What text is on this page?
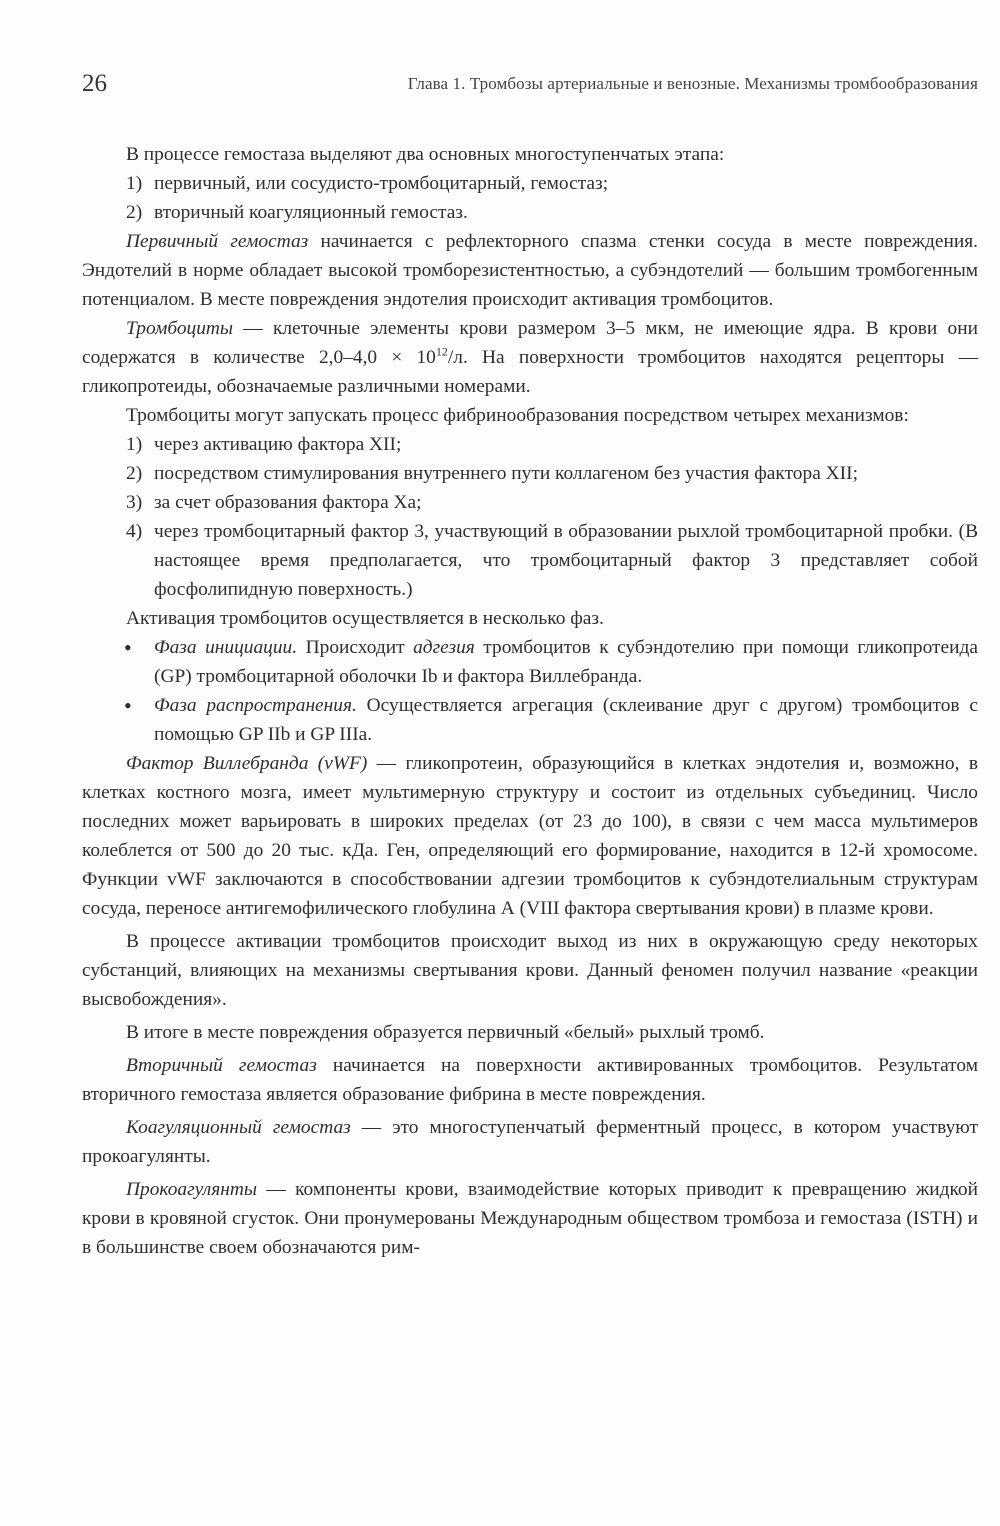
26	Глава 1. Тромбозы артериальные и венозные. Механизмы тромбообразования

В процессе гемостаза выделяют два основных многоступенчатых этапа:

1) первичный, или сосудисто-тромбоцитарный, гемостаз;
2) вторичный коагуляционный гемостаз.

Первичный гемостаз начинается с рефлекторного спазма стенки сосуда в месте повреждения. Эндотелий в норме обладает высокой тромборезистентностью, а субэндотелий — большим тромбогенным потенциалом. В месте повреждения эндотелия происходит активация тромбоцитов.

Тромбоциты — клеточные элементы крови размером 3–5 мкм, не имеющие ядра. В крови они содержатся в количестве $2,0-4,0 \times 10^{12}/л$. На поверхности тромбоцитов находятся рецепторы — гликопротеиды, обозначаемые различными номерами.

Тромбоциты могут запускать процесс фибринообразования посредством четырех механизмов:

1) через активацию фактора XII;
2) посредством стимулирования внутреннего пути коллагеном без участия фактора XII;
3) за счет образования фактора Ха;
4) через тромбоцитарный фактор 3, участвующий в образовании рыхлой тромбоцитарной пробки. (В настоящее время предполагается, что тромбоцитарный фактор 3 представляет собой фосфолипидную поверхность.)

Активация тромбоцитов осуществляется в несколько фаз.

• Фаза инициации. Происходит адгезия тромбоцитов к субэндотелию при помощи гликопротеида (GP) тромбоцитарной оболочки Ib и фактора Виллебранда.
• Фаза распространения. Осуществляется агрегация (склеивание друг с другом) тромбоцитов с помощью GP IIb и GP IIIa.

Фактор Виллебранда (vWF) — гликопротеин, образующийся в клетках эндотелия и, возможно, в клетках костного мозга, имеет мультимерную структуру и состоит из отдельных субъединиц. Число последних может варьировать в широких пределах (от 23 до 100), в связи с чем масса мультимеров колеблется от 500 до 20 тыс. кДа. Ген, определяющий его формирование, находится в 12-й хромосоме. Функции vWF заключаются в способствовании адгезии тромбоцитов к субэндотелиальным структурам сосуда, переносе антигемофилического глобулина А (VIII фактора свертывания крови) в плазме крови.

В процессе активации тромбоцитов происходит выход из них в окружающую среду некоторых субстанций, влияющих на механизмы свертывания крови. Данный феномен получил название «реакции высвобождения».

В итоге в месте повреждения образуется первичный «белый» рыхлый тромб.

Вторичный гемостаз начинается на поверхности активированных тромбоцитов. Результатом вторичного гемостаза является образование фибрина в месте повреждения.

Коагуляционный гемостаз — это многоступенчатый ферментный процесс, в котором участвуют прокоагулянты.

Прокоагулянты — компоненты крови, взаимодействие которых приводит к превращению жидкой крови в кровяной сгусток. Они пронумерованы Международным обществом тромбоза и гемостаза (ISTH) и в большинстве своем обозначаются рим-
